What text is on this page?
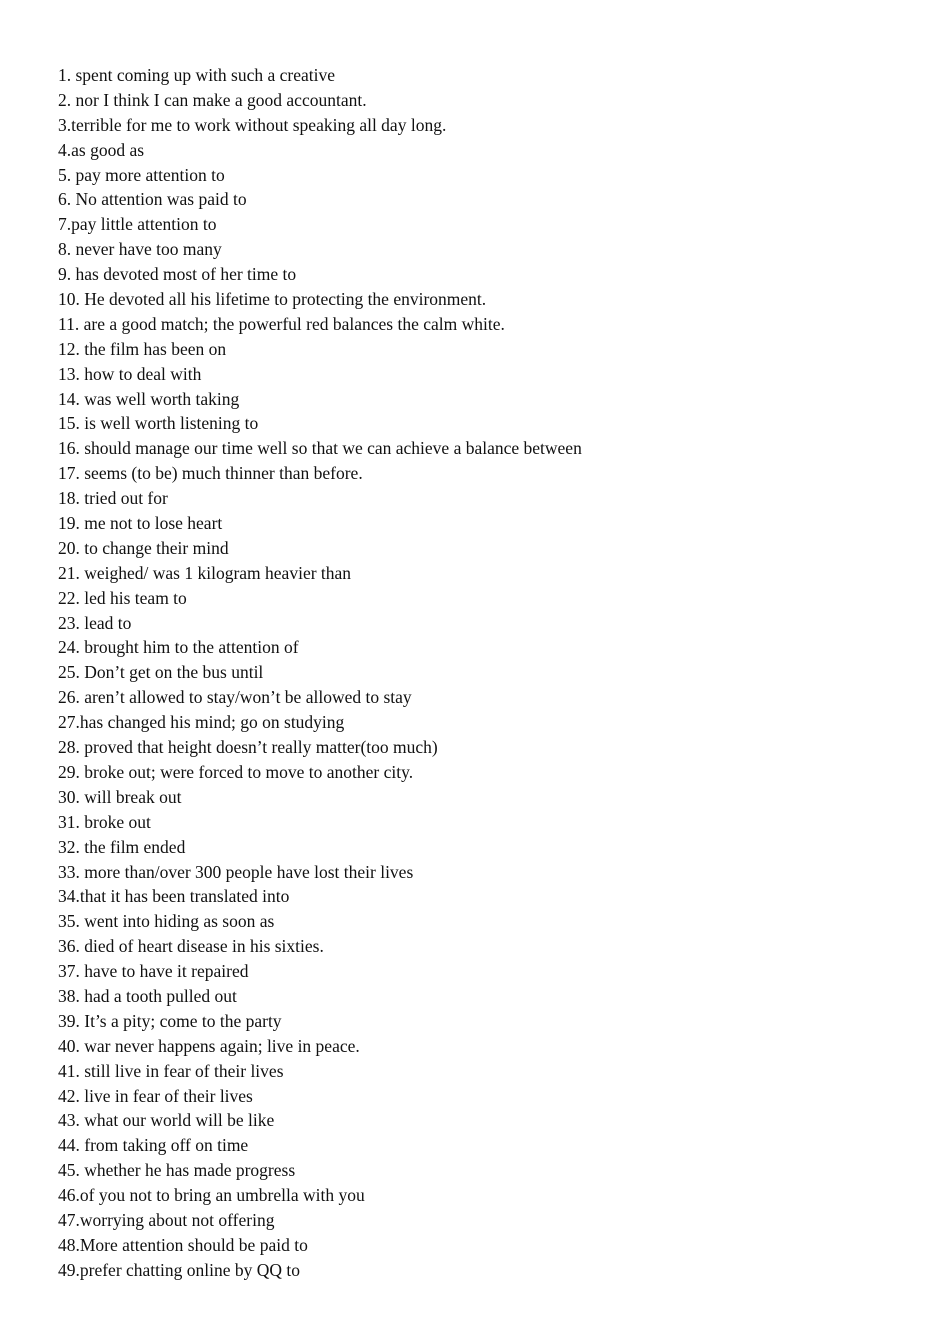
1. spent coming up with such a creative
2. nor I think I can make a good accountant.
3.terrible for me to work without speaking all day long.
4.as good as
5. pay more attention to
6. No attention was paid to
7.pay little attention to
8. never have too many
9. has devoted most of her time to
10. He devoted all his lifetime to protecting the environment.
11. are a good match; the powerful red balances the calm white.
12. the film has been on
13. how to deal with
14. was well worth taking
15. is well worth listening to
16. should manage our time well so that we can achieve a balance between
17. seems (to be) much thinner than before.
18. tried out for
19. me not to lose heart
20. to change their mind
21. weighed/ was 1 kilogram heavier than
22. led his team to
23. lead to
24. brought him to the attention of
25. Don’t get on the bus until
26. aren’t allowed to stay/won’t be allowed to stay
27.has changed his mind; go on studying
28. proved that height doesn’t really matter(too much)
29. broke out; were forced to move to another city.
30. will break out
31. broke out
32. the film ended
33. more than/over 300 people have lost their lives
34.that it has been translated into
35. went into hiding as soon as
36. died of heart disease in his sixties.
37. have to have it repaired
38. had a tooth pulled out
39. It’s a pity; come to the party
40. war never happens again; live in peace.
41. still live in fear of their lives
42. live in fear of their lives
43. what our world will be like
44. from taking off on time
45. whether he has made progress
46.of you not to bring an umbrella with you
47.worrying about not offering
48.More attention should be paid to
49.prefer chatting online by QQ to
